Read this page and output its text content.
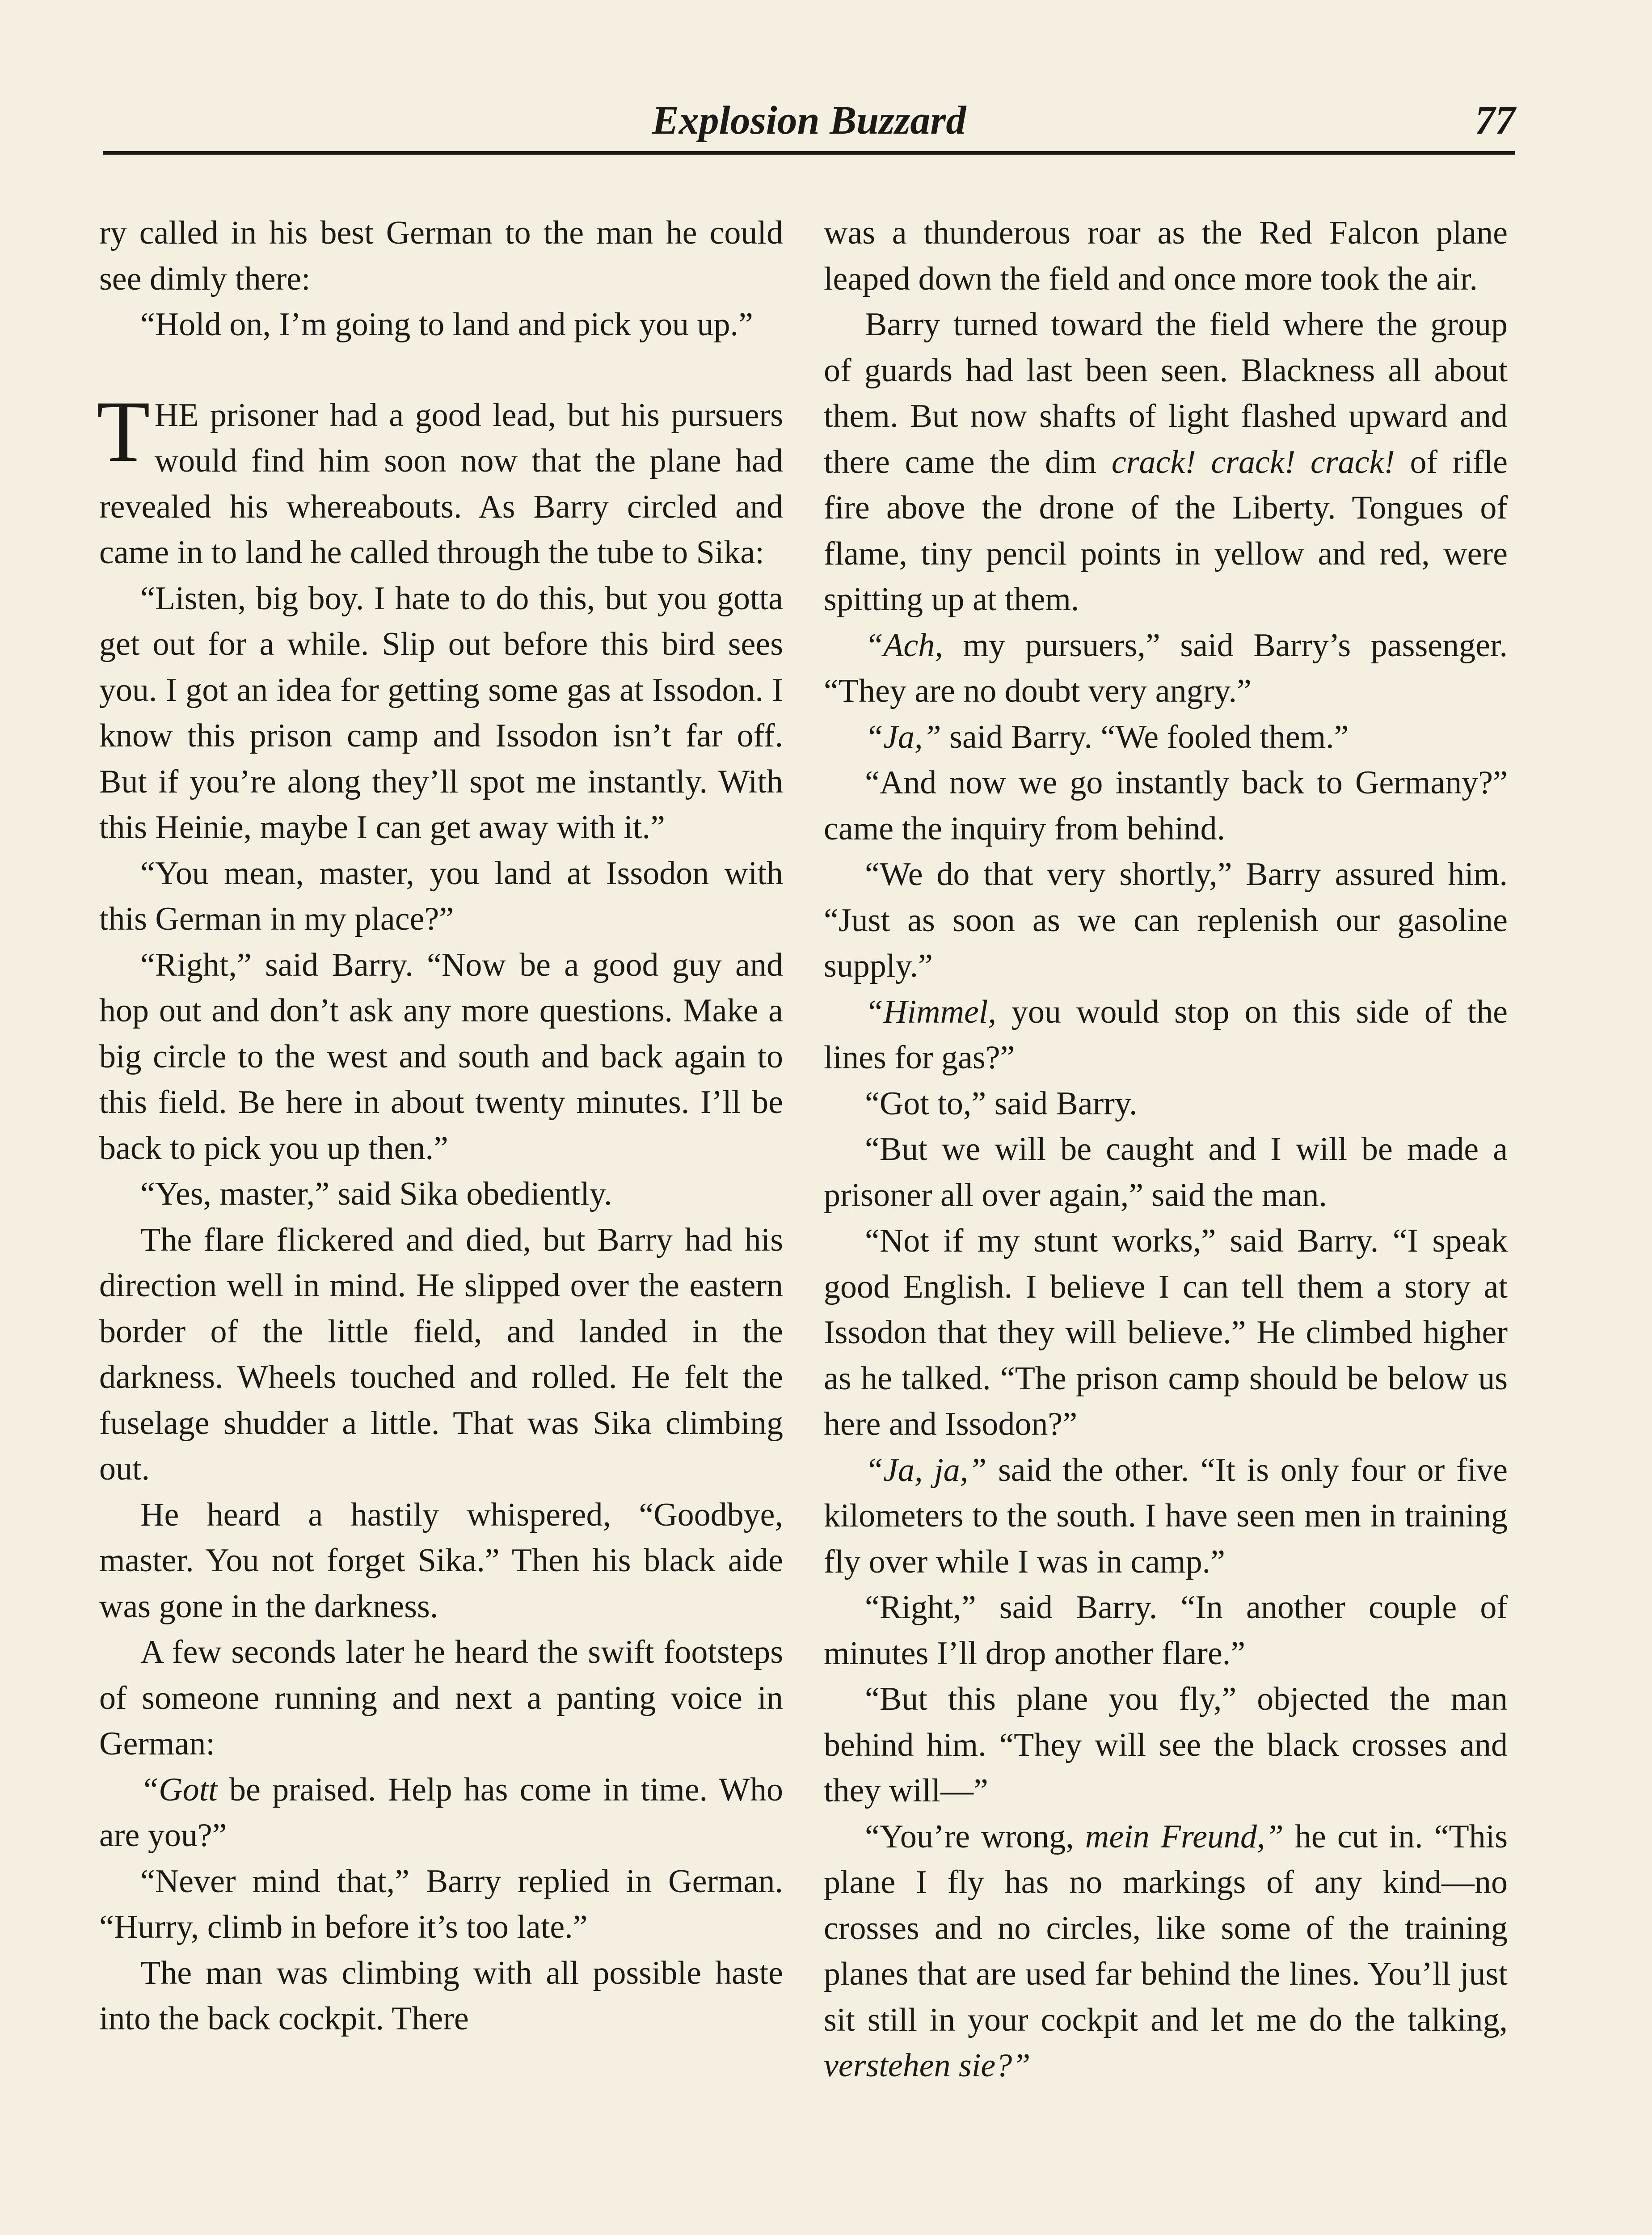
Explosion Buzzard	77

ry called in his best German to the man he could see dimly there:

“Hold on, I’m going to land and pick you up.”

THE prisoner had a good lead, but his pursuers would find him soon now that the plane had revealed his whereabouts. As Barry circled and came in to land he called through the tube to Sika:

“Listen, big boy. I hate to do this, but you gotta get out for a while. Slip out before this bird sees you. I got an idea for getting some gas at Issodon. I know this prison camp and Issodon isn’t far off. But if you’re along they’ll spot me instantly. With this Heinie, maybe I can get away with it.”

“You mean, master, you land at Issodon with this German in my place?”

“Right,” said Barry. “Now be a good guy and hop out and don’t ask any more questions. Make a big circle to the west and south and back again to this field. Be here in about twenty minutes. I’ll be back to pick you up then.”

“Yes, master,” said Sika obediently.

The flare flickered and died, but Barry had his direction well in mind. He slipped over the eastern border of the little field, and landed in the darkness. Wheels touched and rolled. He felt the fuselage shudder a little. That was Sika climbing out.

He heard a hastily whispered, “Goodbye, master. You not forget Sika.” Then his black aide was gone in the darkness.

A few seconds later he heard the swift footsteps of someone running and next a panting voice in German:

“Gott be praised. Help has come in time. Who are you?”

“Never mind that,” Barry replied in German. “Hurry, climb in before it’s too late.”

The man was climbing with all possible haste into the back cockpit. There

was a thunderous roar as the Red Falcon plane leaped down the field and once more took the air.

Barry turned toward the field where the group of guards had last been seen. Blackness all about them. But now shafts of light flashed upward and there came the dim crack! crack! crack! of rifle fire above the drone of the Liberty. Tongues of flame, tiny pencil points in yellow and red, were spitting up at them.

“Ach, my pursuers,” said Barry’s passenger. “They are no doubt very angry.”

“Ja,” said Barry. “We fooled them.”

“And now we go instantly back to Germany?” came the inquiry from behind.

“We do that very shortly,” Barry assured him. “Just as soon as we can replenish our gasoline supply.”

“Himmel, you would stop on this side of the lines for gas?”

“Got to,” said Barry.

“But we will be caught and I will be made a prisoner all over again,” said the man.

“Not if my stunt works,” said Barry. “I speak good English. I believe I can tell them a story at Issodon that they will believe.” He climbed higher as he talked. “The prison camp should be below us here and Issodon?”

“Ja, ja,” said the other. “It is only four or five kilometers to the south. I have seen men in training fly over while I was in camp.”

“Right,” said Barry. “In another couple of minutes I’ll drop another flare.”

“But this plane you fly,” objected the man behind him. “They will see the black crosses and they will—”

“You’re wrong, mein Freund,” he cut in. “This plane I fly has no markings of any kind—no crosses and no circles, like some of the training planes that are used far behind the lines. You’ll just sit still in your cockpit and let me do the talking, verstehen sie?”
